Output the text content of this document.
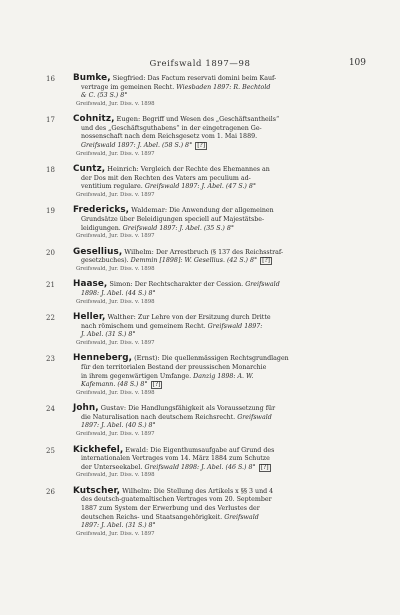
Greifswald 1897—98	109
16 Bumke, Siegfried: Das Factum reservati domini beim Kauf-
vertrage im gemeinen Recht. Wiesbaden 1897: R. Bechtold
& C. (53 S.) 8°
Greifswald, Jur. Diss. v. 1898
17 Cohnitz, Eugen: Begriff und Wesen des „Geschäftsantheils“
und des „Geschäftsguthabens“ in der eingetragenen Ge-
nossenschaft nach dem Reichsgesetz vom 1. Mai 1889.
Greifswald 1897: J. Abel. (58 S.) 8° [?]
Greifswald, Jur. Diss. v. 1897
18 Cuntz, Heinrich: Vergleich der Rechte des Ehemannes an
der Dos mit den Rechten des Vaters am peculium ad-
ventitium regulare. Greifswald 1897: J. Abel. (47 S.) 8°
Greifswald, Jur. Diss. v. 1897
19 Fredericks, Waldemar: Die Anwendung der allgemeinen
Grundsätze über Beleidigungen speciell auf Majestätsbe-
leidigungen. Greifswald 1897: J. Abel. (35 S.) 8°
Greifswald, Jur. Diss. v. 1897
20 Gesellius, Wilhelm: Der Arrestbruch (§ 137 des Reichsstraf-
gesetzbuches). Demmin [1898]: W. Gesellius. (42 S.) 8° [?]
Greifswald, Jur. Diss. v. 1898
21 Haase, Simon: Der Rechtscharakter der Cession. Greifswald
1898: J. Abel. (44 S.) 8°
Greifswald, Jur. Diss. v. 1898
22 Heller, Walther: Zur Lehre von der Ersitzung durch Dritte
nach römischem und gemeinem Recht. Greifswald 1897:
J. Abel. (31 S.) 8°
Greifswald, Jur. Diss. v. 1897
23 Henneberg, (Ernst): Die quellenmässigen Rechtsgrundlagen
für den territorialen Bestand der preussischen Monarchie
in ihrem gegenwärtigen Umfange. Danzig 1898: A. W.
Kafemann. (48 S.) 8° [?]
Greifswald, Jur. Diss. v. 1898
24 John, Gustav: Die Handlungsfähigkeit als Voraussetzung für
die Naturalisation nach deutschem Reichsrecht. Greifswald
1897: J. Abel. (40 S.) 8°
Greifswald, Jur. Diss. v. 1897
25 Kickhefel, Ewald: Die Eigenthumsaufgabe auf Grund des
internationalen Vertrages vom 14. März 1884 zum Schutze
der Unterseekabel. Greifswald 1898: J. Abel. (46 S.) 8° [?]
Greifswald, Jur. Diss. v. 1898
26 Kutscher, Wilhelm: Die Stellung des Artikels x §§ 3 und 4
des deutsch-guatemaltischen Vertrages vom 20. September
1887 zum System der Erwerbung und des Verlustes der
deutschen Reichs- und Staatsangehörigkeit. Greifswald
1897: J. Abel. (31 S.) 8°
Greifswald, Jur. Diss. v. 1897
